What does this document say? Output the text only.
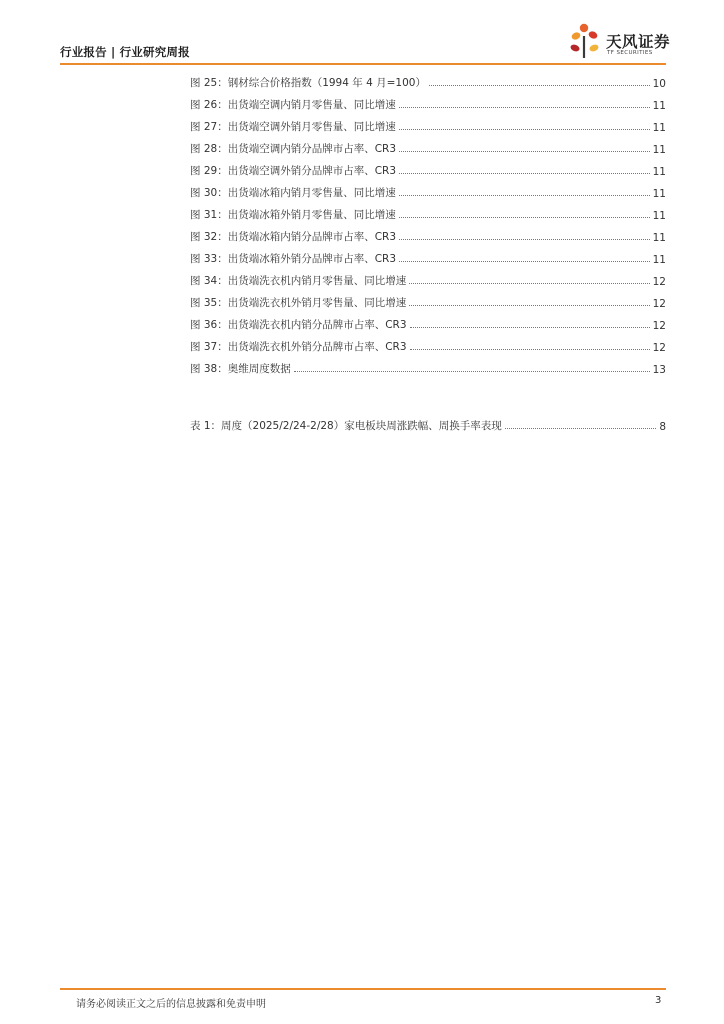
行业报告 | 行业研究周报
天风证券
TF SECURITIES
图 25：钢材综合价格指数（1994 年 4 月=100）	10
图 26：出货端空调内销月零售量、同比增速	11
图 27：出货端空调外销月零售量、同比增速	11
图 28：出货端空调内销分品牌市占率、CR3	11
图 29：出货端空调外销分品牌市占率、CR3	11
图 30：出货端冰箱内销月零售量、同比增速	11
图 31：出货端冰箱外销月零售量、同比增速	11
图 32：出货端冰箱内销分品牌市占率、CR3	11
图 33：出货端冰箱外销分品牌市占率、CR3	11
图 34：出货端洗衣机内销月零售量、同比增速	12
图 35：出货端洗衣机外销月零售量、同比增速	12
图 36：出货端洗衣机内销分品牌市占率、CR3	12
图 37：出货端洗衣机外销分品牌市占率、CR3	12
图 38：奥维周度数据	13
表 1：周度（2025/2/24-2/28）家电板块周涨跌幅、周换手率表现	8
请务必阅读正文之后的信息披露和免责申明	3
